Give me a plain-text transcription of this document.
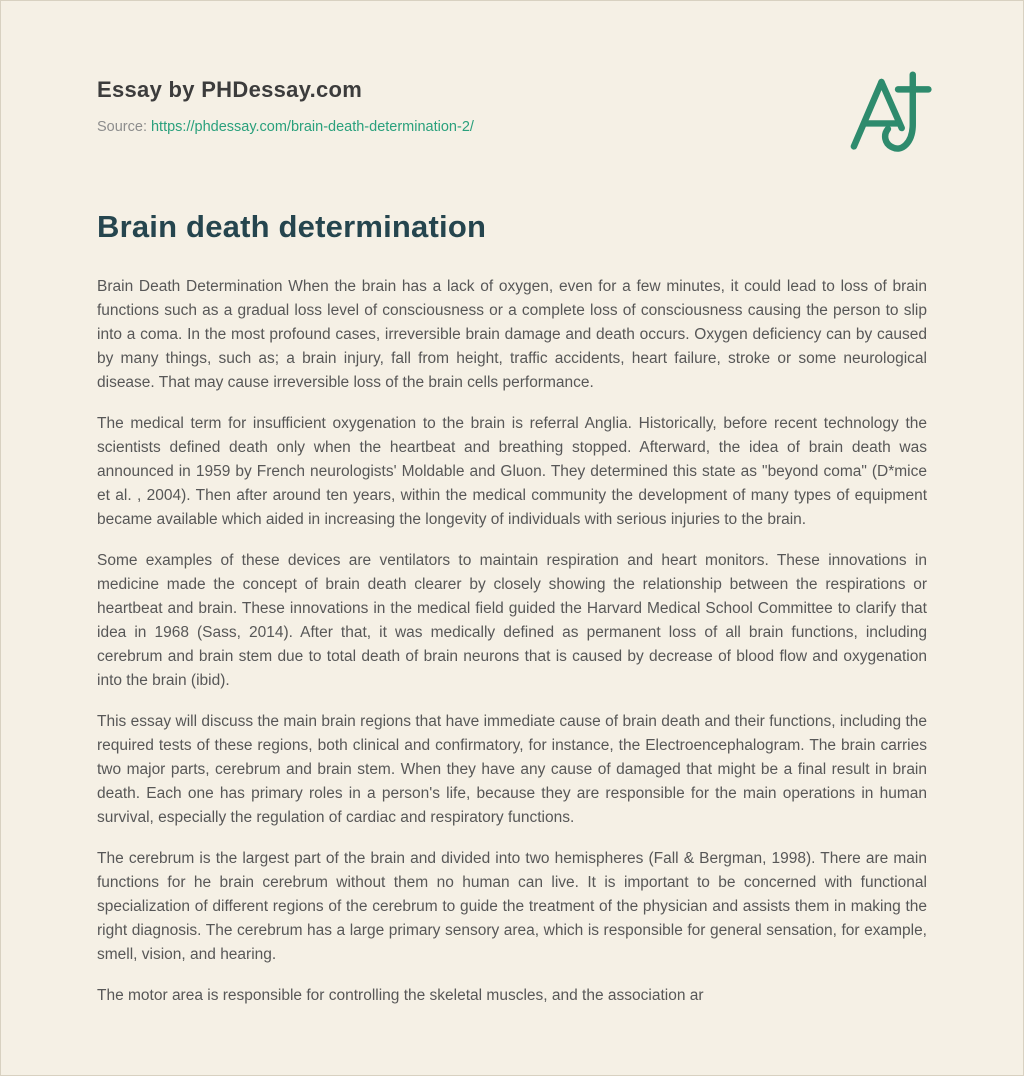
Essay by PHDessay.com
Source: https://phdessay.com/brain-death-determination-2/
Brain death determination

Brain Death Determination When the brain has a lack of oxygen, even for a few minutes, it could lead to loss of brain functions such as a gradual loss level of consciousness or a complete loss of consciousness causing the person to slip into a coma. In the most profound cases, irreversible brain damage and death occurs. Oxygen deficiency can by caused by many things, such as; a brain injury, fall from height, traffic accidents, heart failure, stroke or some neurological disease. That may cause irreversible loss of the brain cells performance.

The medical term for insufficient oxygenation to the brain is referral Anglia. Historically, before recent technology the scientists defined death only when the heartbeat and breathing stopped. Afterward, the idea of brain death was announced in 1959 by French neurologists' Moldable and Gluon. They determined this state as "beyond coma" (D*mice et al. , 2004). Then after around ten years, within the medical community the development of many types of equipment became available which aided in increasing the longevity of individuals with serious injuries to the brain.

Some examples of these devices are ventilators to maintain respiration and heart monitors. These innovations in medicine made the concept of brain death clearer by closely showing the relationship between the respirations or heartbeat and brain. These innovations in the medical field guided the Harvard Medical School Committee to clarify that idea in 1968 (Sass, 2014). After that, it was medically defined as permanent loss of all brain functions, including cerebrum and brain stem due to total death of brain neurons that is caused by decrease of blood flow and oxygenation into the brain (ibid).

This essay will discuss the main brain regions that have immediate cause of brain death and their functions, including the required tests of these regions, both clinical and confirmatory, for instance, the Electroencephalogram. The brain carries two major parts, cerebrum and brain stem. When they have any cause of damaged that might be a final result in brain death. Each one has primary roles in a person's life, because they are responsible for the main operations in human survival, especially the regulation of cardiac and respiratory functions.

The cerebrum is the largest part of the brain and divided into two hemispheres (Fall & Bergman, 1998). There are main functions for he brain cerebrum without them no human can live. It is important to be concerned with functional specialization of different regions of the cerebrum to guide the treatment of the physician and assists them in making the right diagnosis. The cerebrum has a large primary sensory area, which is responsible for general sensation, for example, smell, vision, and hearing.

The motor area is responsible for controlling the skeletal muscles, and the association ar
